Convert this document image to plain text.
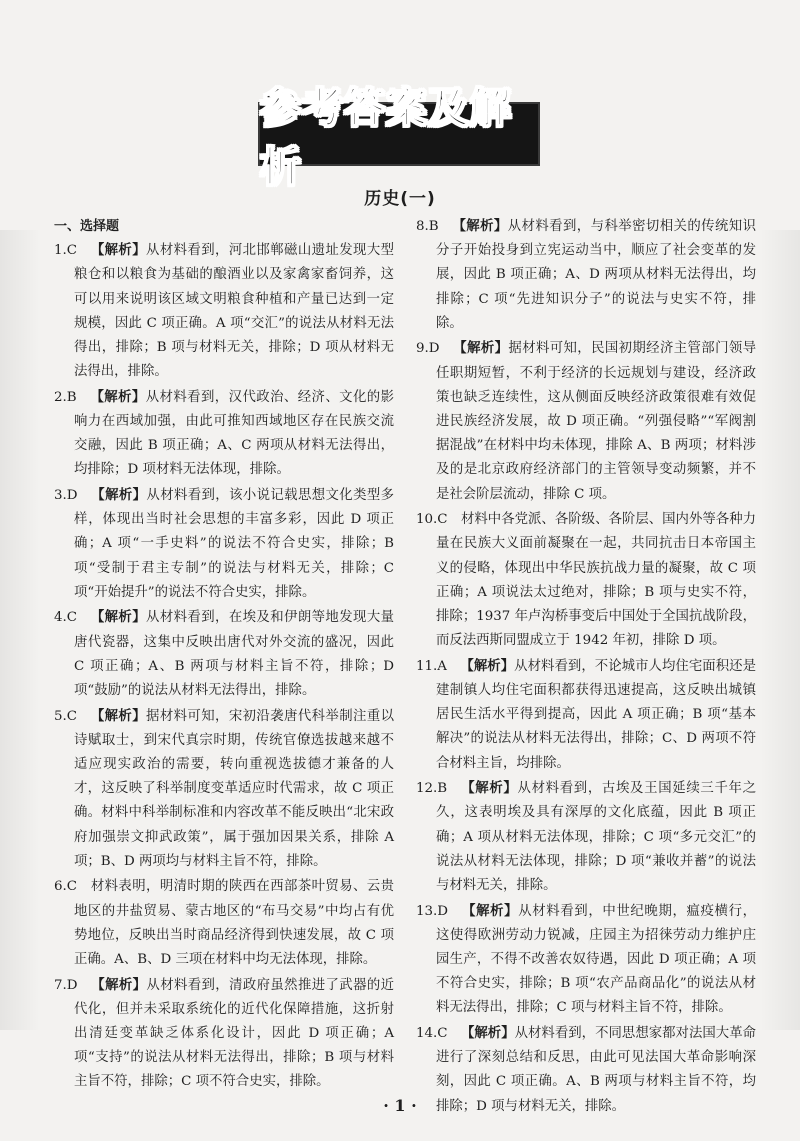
参考答案及解析
历史(一)
一、选择题
1.C  【解析】从材料看到，河北邯郸磁山遗址发现大型粮仓和以粮食为基础的酿酒业以及家禽家畜饲养，这可以用来说明该区域文明粮食种植和产量已达到一定规模，因此 C 项正确。A 项“交汇”的说法从材料无法得出，排除；B 项与材料无关，排除；D 项从材料无法得出，排除。
2.B  【解析】从材料看到，汉代政治、经济、文化的影响力在西域加强，由此可推知西域地区存在民族交流交融，因此 B 项正确；A、C 两项从材料无法得出，均排除；D 项材料无法体现，排除。
3.D  【解析】从材料看到，该小说记载思想文化类型多样，体现出当时社会思想的丰富多彩，因此 D 项正确；A 项“一手史料”的说法不符合史实，排除；B 项“受制于君主专制”的说法与材料无关，排除；C 项“开始提升”的说法不符合史实，排除。
4.C  【解析】从材料看到，在埃及和伊朗等地发现大量唐代瓷器，这集中反映出唐代对外交流的盛况，因此 C 项正确；A、B 两项与材料主旨不符，排除；D 项“鼓励”的说法从材料无法得出，排除。
5.C  【解析】据材料可知，宋初沿袭唐代科举制注重以诗赋取士，到宋代真宗时期，传统官僚选拔越来越不适应现实政治的需要，转向重视选拔德才兼备的人才，这反映了科举制度变革适应时代需求，故 C 项正确。材料中科举制标准和内容改革不能反映出“北宋政府加强崇文抑武政策”，属于强加因果关系，排除 A 项；B、D 两项均与材料主旨不符，排除。
6.C  材料表明，明清时期的陕西在西部茶叶贸易、云贵地区的井盐贸易、蒙古地区的“布马交易”中均占有优势地位，反映出当时商品经济得到快速发展，故 C 项正确。A、B、D 三项在材料中均无法体现，排除。
7.D  【解析】从材料看到，清政府虽然推进了武器的近代化，但并未采取系统化的近代化保障措施，这折射出清廷变革缺乏体系化设计，因此 D 项正确；A 项“支持”的说法从材料无法得出，排除；B 项与材料主旨不符，排除；C 项不符合史实，排除。
8.B  【解析】从材料看到，与科举密切相关的传统知识分子开始投身到立宪运动当中，顺应了社会变革的发展，因此 B 项正确；A、D 两项从材料无法得出，均排除；C 项“先进知识分子”的说法与史实不符，排除。
9.D  【解析】据材料可知，民国初期经济主管部门领导任职期短暂，不利于经济的长远规划与建设，经济政策也缺乏连续性，这从侧面反映经济政策很难有效促进民族经济发展，故 D 项正确。“列强侵略”“军阀割据混战”在材料中均未体现，排除 A、B 两项；材料涉及的是北京政府经济部门的主管领导变动频繁，并不是社会阶层流动，排除 C 项。
10.C  材料中各党派、各阶级、各阶层、国内外等各种力量在民族大义面前凝聚在一起，共同抗击日本帝国主义的侵略，体现出中华民族抗战力量的凝聚，故 C 项正确；A 项说法太过绝对，排除；B 项与史实不符，排除；1937 年卢沟桥事变后中国处于全国抗战阶段，而反法西斯同盟成立于 1942 年初，排除 D 项。
11.A  【解析】从材料看到，不论城市人均住宅面积还是建制镇人均住宅面积都获得迅速提高，这反映出城镇居民生活水平得到提高，因此 A 项正确；B 项“基本解决”的说法从材料无法得出，排除；C、D 两项不符合材料主旨，均排除。
12.B  【解析】从材料看到，古埃及王国延续三千年之久，这表明埃及具有深厚的文化底蕴，因此 B 项正确；A 项从材料无法体现，排除；C 项“多元交汇”的说法从材料无法体现，排除；D 项“兼收并蓄”的说法与材料无关，排除。
13.D  【解析】从材料看到，中世纪晚期，瘟疫横行，这使得欧洲劳动力锐减，庄园主为招徕劳动力维护庄园生产，不得不改善农奴待遇，因此 D 项正确；A 项不符合史实，排除；B 项“农产品商品化”的说法从材料无法得出，排除；C 项与材料主旨不符，排除。
14.C  【解析】从材料看到，不同思想家都对法国大革命进行了深刻总结和反思，由此可见法国大革命影响深刻，因此 C 项正确。A、B 两项与材料主旨不符，均排除；D 项与材料无关，排除。
· 1 ·
